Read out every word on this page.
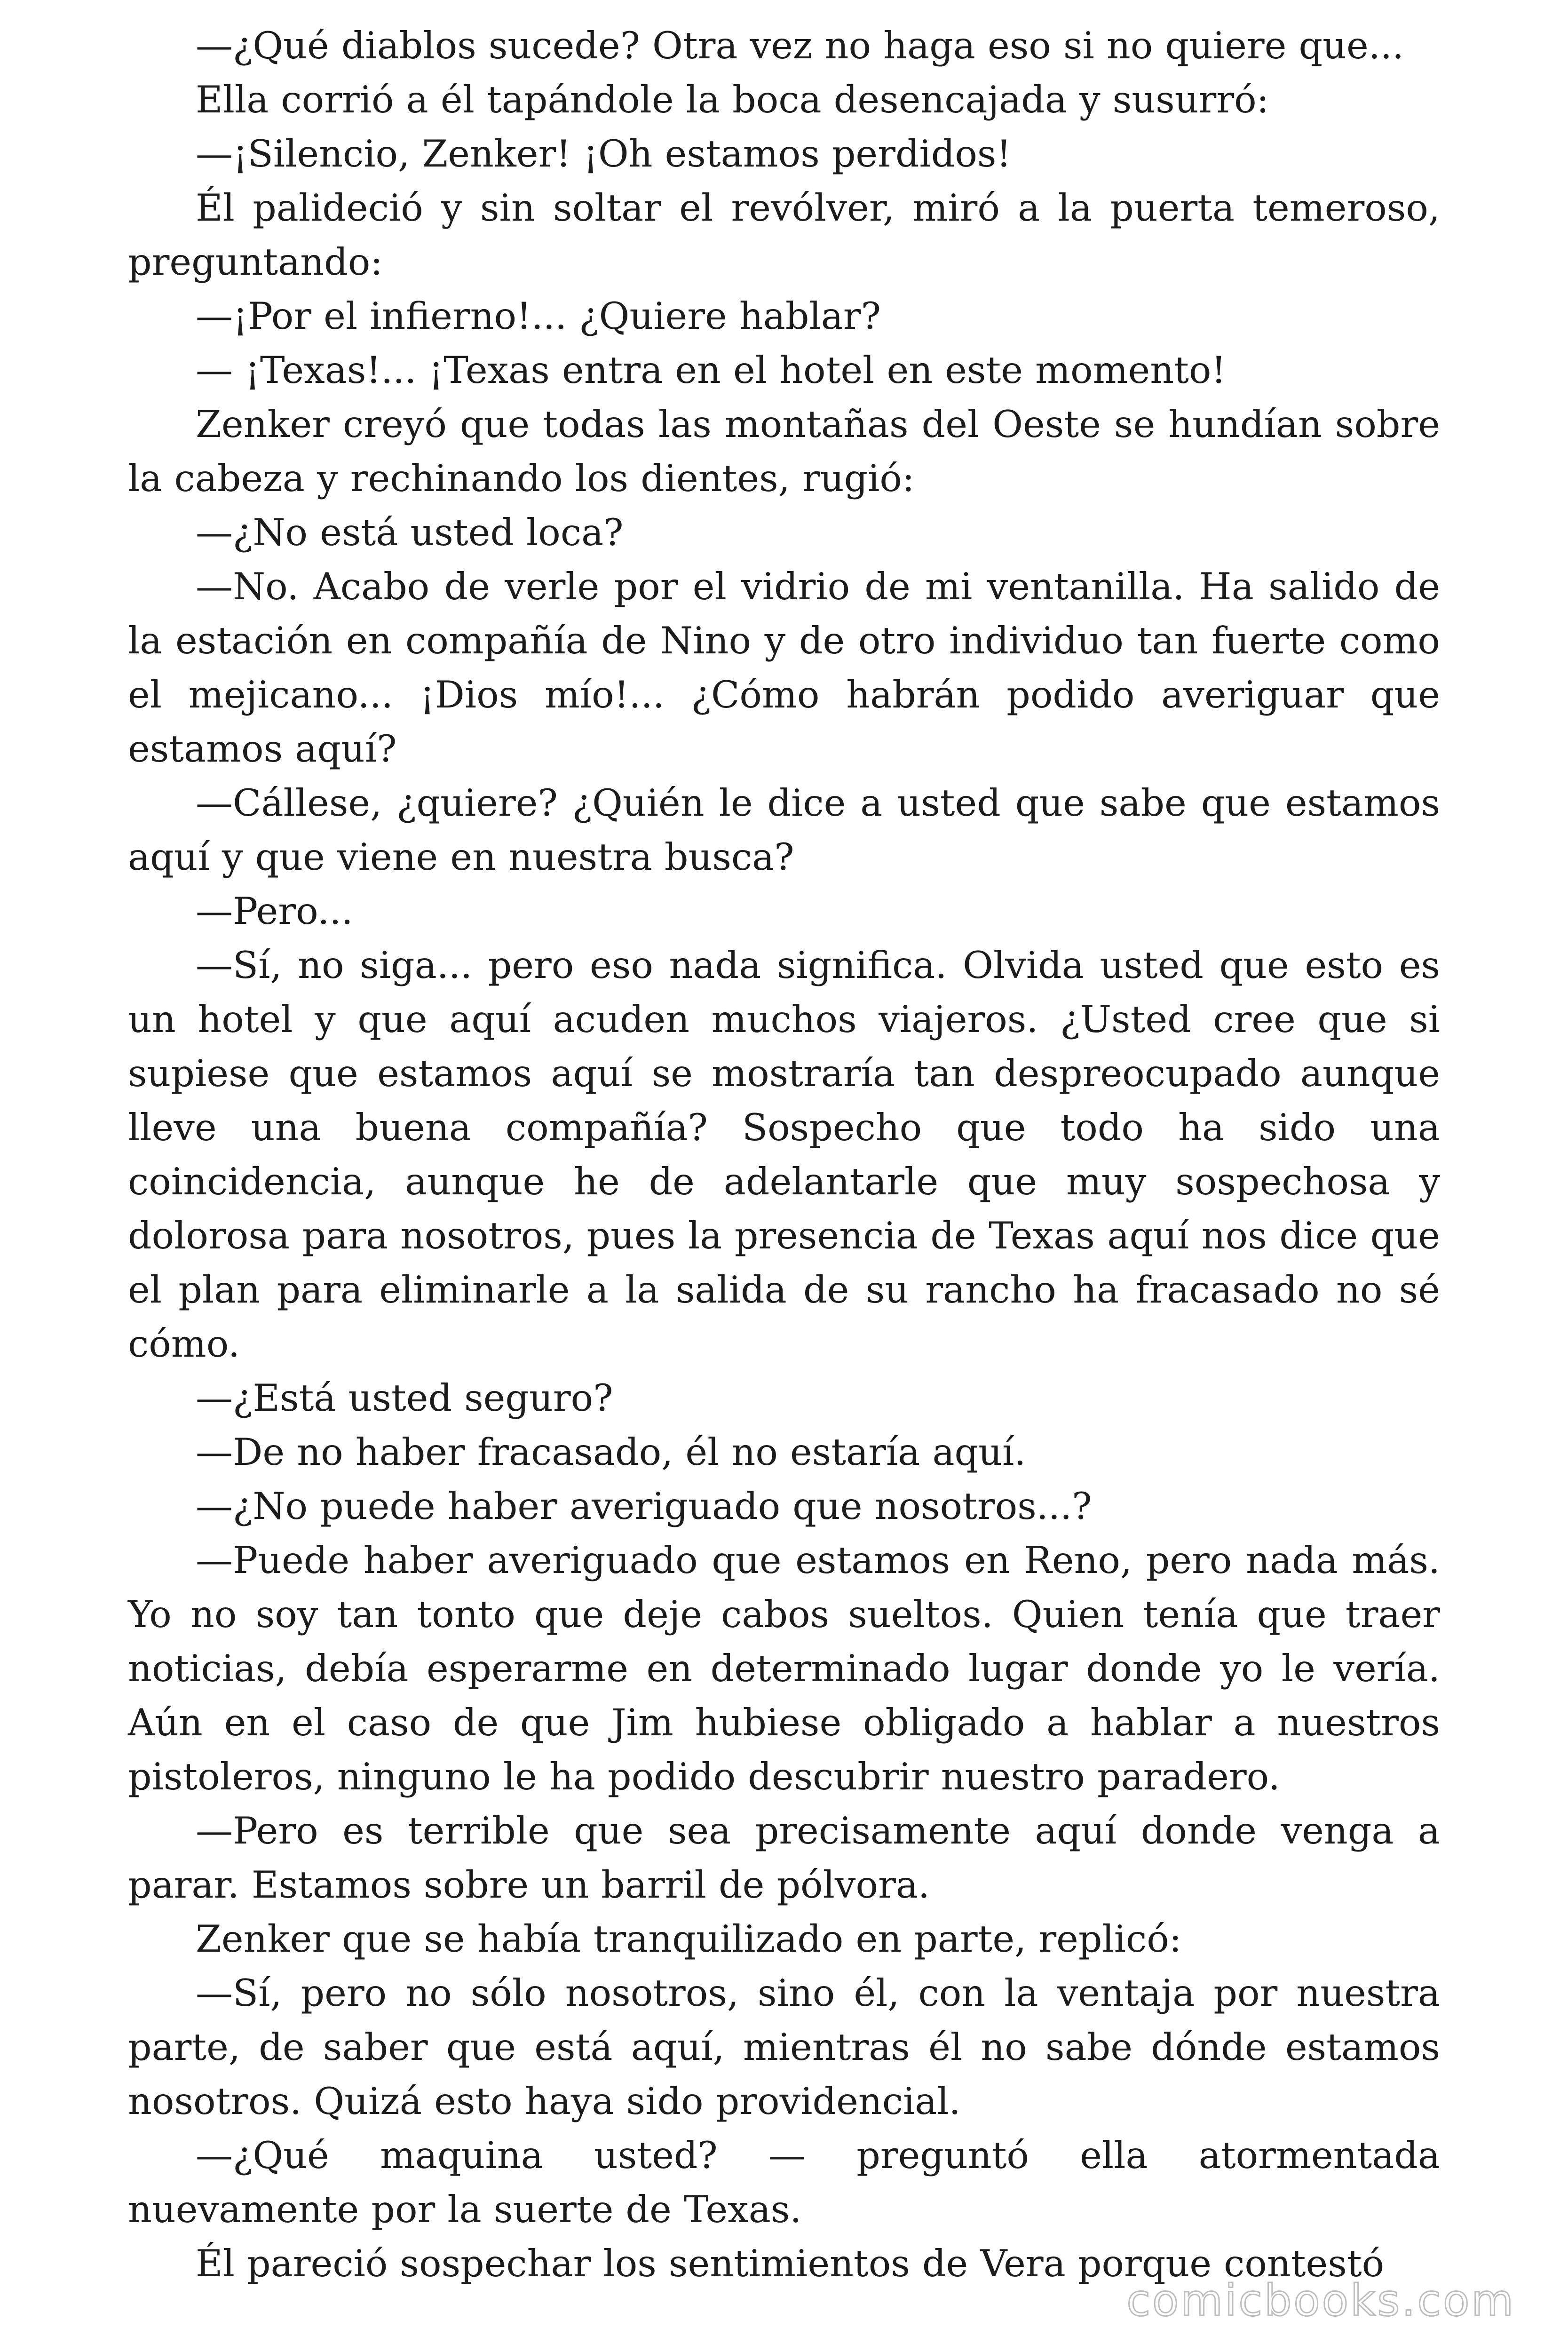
—¿Qué diablos sucede? Otra vez no haga eso si no quiere que...

Ella corrió a él tapándole la boca desencajada y susurró:

—¡Silencio, Zenker! ¡Oh estamos perdidos!

Él palideció y sin soltar el revólver, miró a la puerta temeroso, preguntando:

—¡Por el infierno!... ¿Quiere hablar?

— ¡Texas!... ¡Texas entra en el hotel en este momento!

Zenker creyó que todas las montañas del Oeste se hundían sobre la cabeza y rechinando los dientes, rugió:

—¿No está usted loca?

—No. Acabo de verle por el vidrio de mi ventanilla. Ha salido de la estación en compañía de Nino y de otro individuo tan fuerte como el mejicano... ¡Dios mío!... ¿Cómo habrán podido averiguar que estamos aquí?

—Cállese, ¿quiere? ¿Quién le dice a usted que sabe que estamos aquí y que viene en nuestra busca?

—Pero...

—Sí, no siga... pero eso nada significa. Olvida usted que esto es un hotel y que aquí acuden muchos viajeros. ¿Usted cree que si supiese que estamos aquí se mostraría tan despreocupado aunque lleve una buena compañía? Sospecho que todo ha sido una coincidencia, aunque he de adelantarle que muy sospechosa y dolorosa para nosotros, pues la presencia de Texas aquí nos dice que el plan para eliminarle a la salida de su rancho ha fracasado no sé cómo.

—¿Está usted seguro?

—De no haber fracasado, él no estaría aquí.

—¿No puede haber averiguado que nosotros...?

—Puede haber averiguado que estamos en Reno, pero nada más. Yo no soy tan tonto que deje cabos sueltos. Quien tenía que traer noticias, debía esperarme en determinado lugar donde yo le vería. Aún en el caso de que Jim hubiese obligado a hablar a nuestros pistoleros, ninguno le ha podido descubrir nuestro paradero.

—Pero es terrible que sea precisamente aquí donde venga a parar. Estamos sobre un barril de pólvora.

Zenker que se había tranquilizado en parte, replicó:

—Sí, pero no sólo nosotros, sino él, con la ventaja por nuestra parte, de saber que está aquí, mientras él no sabe dónde estamos nosotros. Quizá esto haya sido providencial.

—¿Qué maquina usted? — preguntó ella atormentada nuevamente por la suerte de Texas.

Él pareció sospechar los sentimientos de Vera porque contestó

comicbooks.com
